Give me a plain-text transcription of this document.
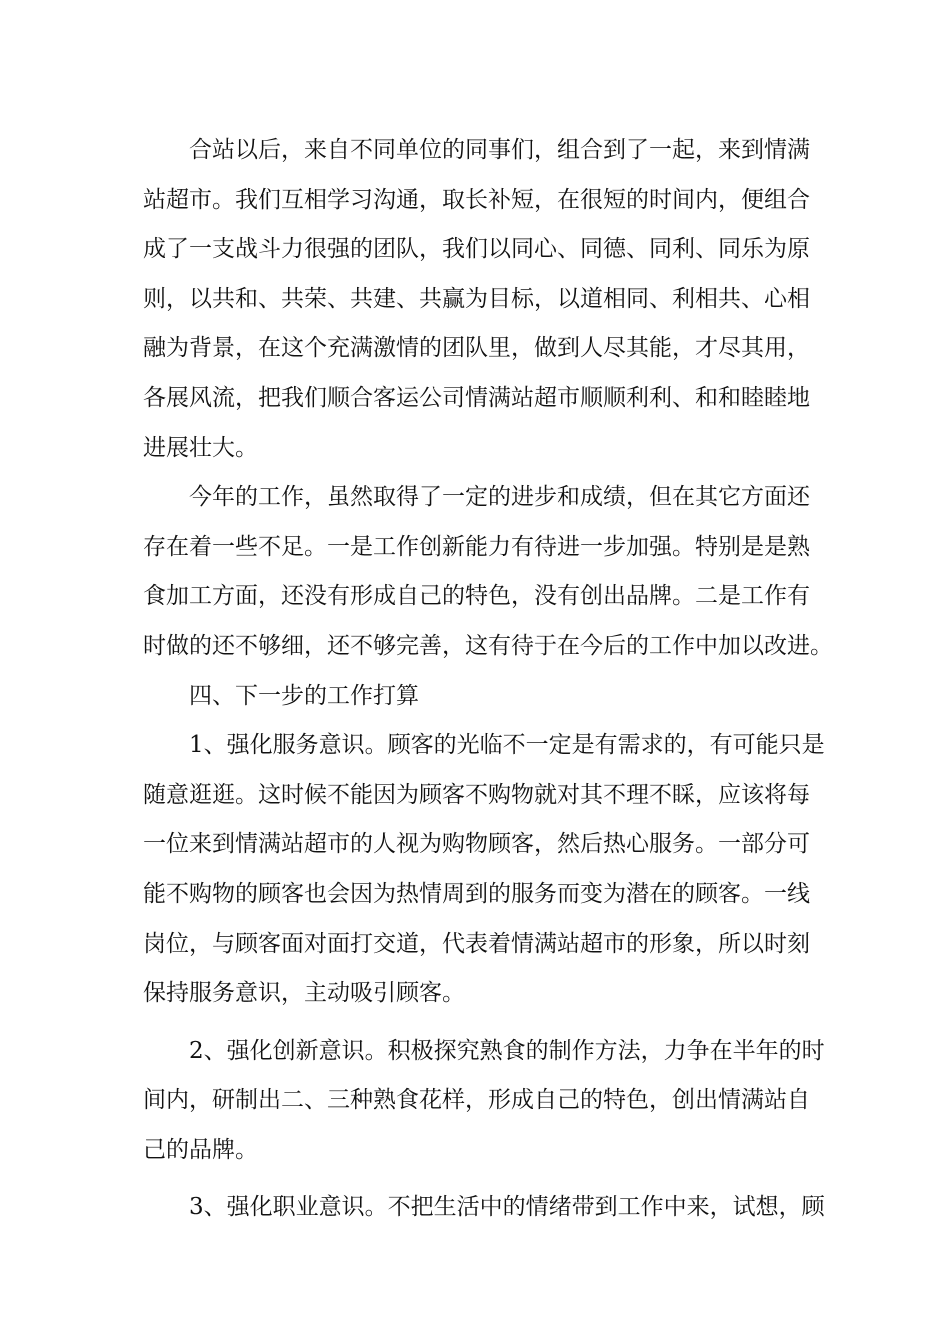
合站以后，来自不同单位的同事们，组合到了一起，来到情满
站超市。我们互相学习沟通，取长补短，在很短的时间内，便组合
成了一支战斗力很强的团队，我们以同心、同德、同利、同乐为原
则，以共和、共荣、共建、共赢为目标，以道相同、利相共、心相
融为背景，在这个充满激情的团队里，做到人尽其能，才尽其用，
各展风流，把我们顺合客运公司情满站超市顺顺利利、和和睦睦地
进展壮大。
今年的工作，虽然取得了一定的进步和成绩，但在其它方面还
存在着一些不足。一是工作创新能力有待进一步加强。特别是是熟
食加工方面，还没有形成自己的特色，没有创出品牌。二是工作有
时做的还不够细，还不够完善，这有待于在今后的工作中加以改进。
四、下一步的工作打算
1、强化服务意识。顾客的光临不一定是有需求的，有可能只是
随意逛逛。这时候不能因为顾客不购物就对其不理不睬，应该将每
一位来到情满站超市的人视为购物顾客，然后热心服务。一部分可
能不购物的顾客也会因为热情周到的服务而变为潜在的顾客。一线
岗位，与顾客面对面打交道，代表着情满站超市的形象，所以时刻
保持服务意识，主动吸引顾客。
2、强化创新意识。积极探究熟食的制作方法，力争在半年的时
间内，研制出二、三种熟食花样，形成自己的特色，创出情满站自
己的品牌。
3、强化职业意识。不把生活中的情绪带到工作中来，试想，顾
